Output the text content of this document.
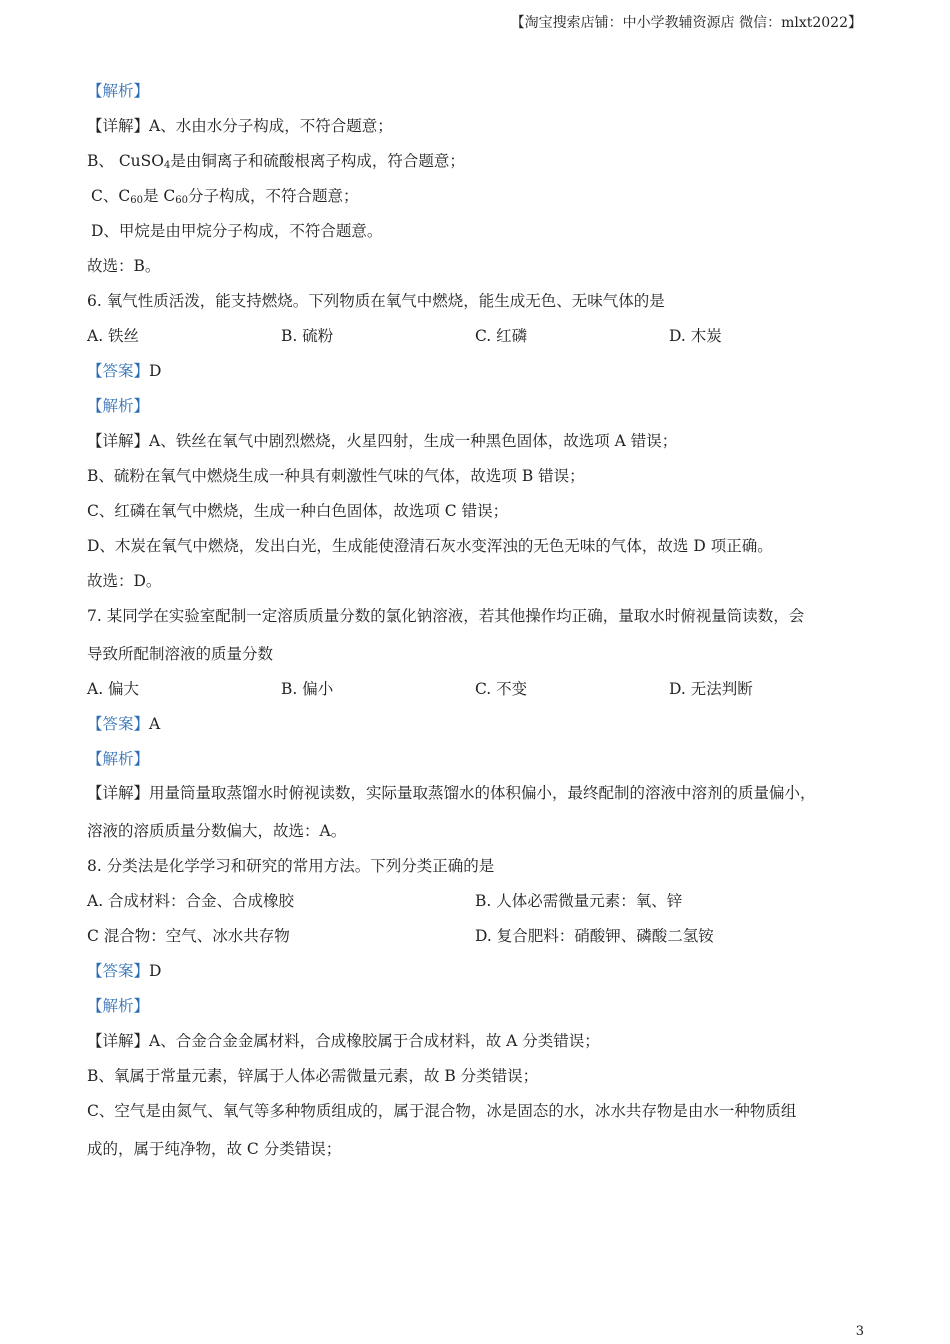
【淘宝搜索店铺：中小学教辅资源店 微信：mlxt2022】
【解析】
【详解】A、水由水分子构成，不符合题意；
B、 CuSO$_4$是由铜离子和硫酸根离子构成，符合题意；
C、$C_{60}$是 $C_{60}$分子构成，不符合题意；
D、甲烷是由甲烷分子构成，不符合题意。
故选：B。
6. 氧气性质活泼，能支持燃烧。下列物质在氧气中燃烧，能生成无色、无味气体的是
A. 铁丝	B. 硫粉	C. 红磷	D. 木炭
【答案】D
【解析】
【详解】A、铁丝在氧气中剧烈燃烧，火星四射，生成一种黑色固体，故选项 A 错误；
B、硫粉在氧气中燃烧生成一种具有刺激性气味的气体，故选项 B 错误；
C、红磷在氧气中燃烧，生成一种白色固体，故选项 C 错误；
D、木炭在氧气中燃烧，发出白光，生成能使澄清石灰水变浑浊的无色无味的气体，故选 D 项正确。
故选：D。
7. 某同学在实验室配制一定溶质质量分数的氯化钠溶液，若其他操作均正确，量取水时俯视量筒读数，会
导致所配制溶液的质量分数
A. 偏大	B. 偏小	C. 不变	D. 无法判断
【答案】A
【解析】
【详解】用量筒量取蒸馏水时俯视读数，实际量取蒸馏水的体积偏小，最终配制的溶液中溶剂的质量偏小，
溶液的溶质质量分数偏大，故选：A。
8. 分类法是化学学习和研究的常用方法。下列分类正确的是
A. 合成材料：合金、合成橡胶	B. 人体必需微量元素：氧、锌
C 混合物：空气、冰水共存物	D. 复合肥料：硝酸钾、磷酸二氢铵
【答案】D
【解析】
【详解】A、合金合金金属材料，合成橡胶属于合成材料，故 A 分类错误；
B、氧属于常量元素，锌属于人体必需微量元素，故 B 分类错误；
C、空气是由氮气、氧气等多种物质组成的，属于混合物，冰是固态的水，冰水共存物是由水一种物质组
成的，属于纯净物，故 C 分类错误；
3
